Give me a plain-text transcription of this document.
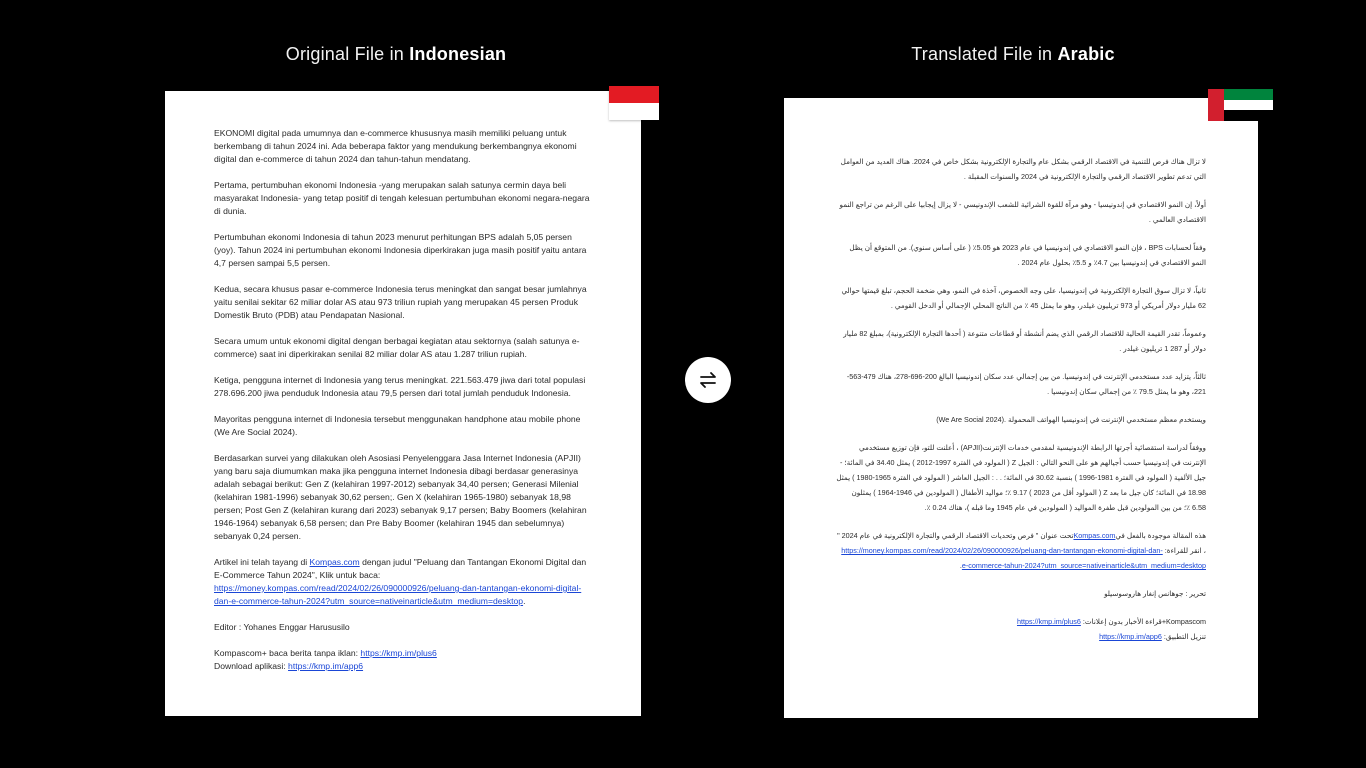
Original File in Indonesian	Translated File in Arabic

EKONOMI digital pada umumnya dan e-commerce khususnya masih memiliki peluang untuk berkembang di tahun 2024 ini. Ada beberapa faktor yang mendukung berkembangnya ekonomi digital dan e-commerce di tahun 2024 dan tahun-tahun mendatang.

Pertama, pertumbuhan ekonomi Indonesia -yang merupakan salah satunya cermin daya beli masyarakat Indonesia- yang tetap positif di tengah kelesuan pertumbuhan ekonomi negara-negara di dunia.

Pertumbuhan ekonomi Indonesia di tahun 2023 menurut perhitungan BPS adalah 5,05 persen (yoy). Tahun 2024 ini pertumbuhan ekonomi Indonesia diperkirakan juga masih positif yaitu antara 4,7 persen sampai 5,5 persen.

Kedua, secara khusus pasar e-commerce Indonesia terus meningkat dan sangat besar jumlahnya yaitu senilai sekitar 62 miliar dolar AS atau 973 triliun rupiah yang merupakan 45 persen Produk Domestik Bruto (PDB) atau Pendapatan Nasional.

Secara umum untuk ekonomi digital dengan berbagai kegiatan atau sektornya (salah satunya e-commerce) saat ini diperkirakan senilai 82 miliar dolar AS atau 1.287 triliun rupiah.

Ketiga, pengguna internet di Indonesia yang terus meningkat. 221.563.479 jiwa dari total populasi 278.696.200 jiwa penduduk Indonesia atau 79,5 persen dari total jumlah penduduk Indonesia.

Mayoritas pengguna internet di Indonesia tersebut menggunakan handphone atau mobile phone (We Are Social 2024).

Berdasarkan survei yang dilakukan oleh Asosiasi Penyelenggara Jasa Internet Indonesia (APJII) yang baru saja diumumkan maka jika pengguna internet Indonesia dibagi berdasar generasinya adalah sebagai berikut: Gen Z (kelahiran 1997-2012) sebanyak 34,40 persen; Generasi Milenial (kelahiran 1981-1996) sebanyak 30,62 persen;. Gen X (kelahiran 1965-1980) sebanyak 18,98 persen; Post Gen Z (kelahiran kurang dari 2023) sebanyak 9,17 persen; Baby Boomers (kelahiran 1946-1964) sebanyak 6,58 persen; dan Pre Baby Boomer (kelahiran 1945 dan sebelumnya) sebanyak 0,24 persen.

Artikel ini telah tayang di Kompas.com dengan judul "Peluang dan Tantangan Ekonomi Digital dan E-Commerce Tahun 2024", Klik untuk baca: https://money.kompas.com/read/2024/02/26/090000926/peluang-dan-tantangan-ekonomi-digital-dan-e-commerce-tahun-2024?utm_source=nativeinarticle&utm_medium=desktop.

Editor : Yohanes Enggar Harususilo

Kompascom+ baca berita tanpa iklan: https://kmp.im/plus6
Download aplikasi: https://kmp.im/app6

لا تزال هناك فرص للتنمية في الاقتصاد الرقمي بشكل عام والتجارة الإلكترونية بشكل خاص في 2024. هناك العديد من العوامل التي تدعم تطوير الاقتصاد الرقمي والتجارة الإلكترونية في 2024 والسنوات المقبلة .

أولاً، إن النمو الاقتصادي في إندونيسيا - وهو مرآة للقوة الشرائية للشعب الإندونيسي - لا يزال إيجابيا على الرغم من تراجع النمو الاقتصادي العالمي .

وفقاً لحسابات BPS ، فإن النمو الاقتصادي في إندونيسيا في عام 2023 هو 5.05٪ ( على أساس سنوي). من المتوقع أن يظل النمو الاقتصادي في إندونيسيا بين 4.7٪ و 5.5٪ بحلول عام 2024 .

ثانياً، لا تزال سوق التجارة الإلكترونية في إندونيسيا، على وجه الخصوص، آخذة في النمو، وهي ضخمة الحجم، تبلغ قيمتها حوالي 62 مليار دولار أمريكي أو 973 تريليون غيلدر، وهو ما يمثل 45 ٪ من الناتج المحلي الإجمالي أو الدخل القومي .

وعموماً، تقدر القيمة الحالية للاقتصاد الرقمي الذي يضم أنشطة أو قطاعات متنوعة ( أحدها التجارة الإلكترونية)، بمبلغ 82 مليار دولار أو 287 1 تريليون غيلدر .

ثالثاً، يتزايد عدد مستخدمي الإنترنت في إندونيسيا. من بين إجمالي عدد سكان إندونيسيا البالغ 200-696-278، هناك 479-563-221، وهو ما يمثل 79.5 ٪ من إجمالي سكان إندونيسيا .

ويستخدم معظم مستخدمي الإنترنت في إندونيسيا الهواتف المحمولة .(We Are Social 2024)

ووفقاً لدراسة استقصائية أجرتها الرابطة الإندونيسية لمقدمي خدمات الإنترنت(APJII) ، أعلنت للتو، فإن توزيع مستخدمي الإنترنت في إندونيسيا حسب أجيالهم هو على النحو التالي : الجيل Z ( المولود في الفترة 1997-2012 ) يمثل 34.40 في المائة؛ - جيل الألفية ( المولود في الفترة 1981-1996 ) بنسبة 30.62 في المائة؛ . . : الجيل العاشر ( المولود في الفترة 1965-1980 ) يمثل 18.98 في المائة؛ كان جيل ما بعد Z ( المولود أقل من 2023 ) 9.17 ٪؛ مواليد الأطفال ( المولودين في 1946-1964 ) يمثلون 6.58 ٪؛ من بين المولودين قبل طفرة المواليد ( المولودين في عام 1945 وما قبله )، هناك 0.24 ٪.

هذه المقالة موجودة بالفعل فيKompas.comتحت عنوان " فرص وتحديات الاقتصاد الرقمي والتجارة الإلكترونية في عام 2024 " ، انقر للقراءة: https://money.kompas.com/read/2024/02/26/090000926/peluang-dan-tantangan-ekonomi-digital-dan-e-commerce-tahun-2024?utm_source=nativeinarticle&utm_medium=desktop.

تحرير : جوهانس إنغار هاروسوسيلو

Kompascom+قراءة الأخبار بدون إعلانات: https://kmp.im/plus6
تنزيل التطبيق: https://kmp.im/app6
